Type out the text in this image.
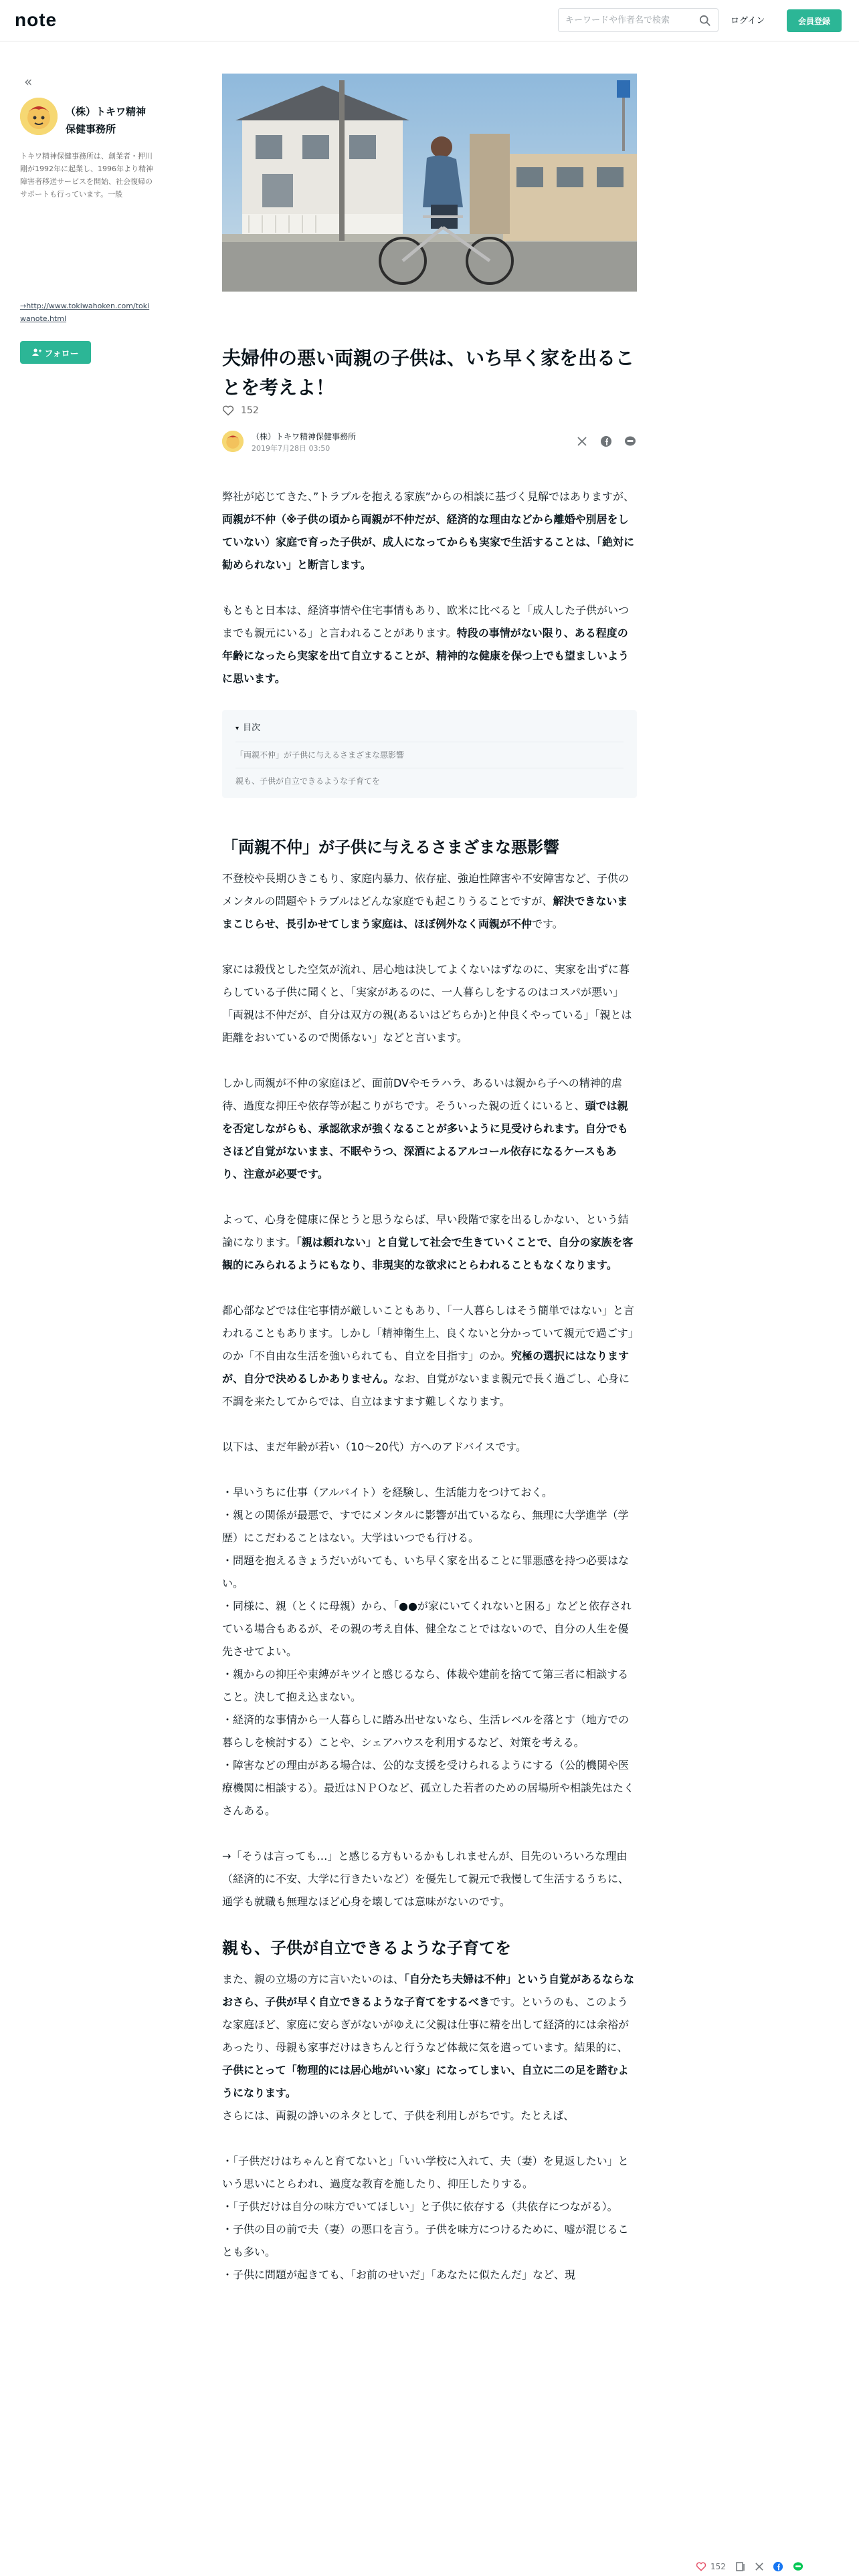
note
キーワードや作者名で検索	ログイン	会員登録
«
（株）トキワ精神保健事務所
トキワ精神保健事務所は、創業者・押川剛が1992年に起業し、1996年より精神障害者移送サービスを開始、社会復帰のサポートも行っています。一般
→http://www.tokiwahoken.com/tokiwanote.html
フォロー	夫婦仲の悪い両親の子供は、いち早く家を出ることを考えよ！
152
（株）トキワ精神保健事務所
2019年7月28日 03:50

弊社が応じてきた、”トラブルを抱える家族”からの相談に基づく見解ではありますが、両親が不仲（※子供の頃から両親が不仲だが、経済的な理由などから離婚や別居をしていない）家庭で育った子供が、成人になってからも実家で生活することは、「絶対に勧められない」と断言します。

もともと日本は、経済事情や住宅事情もあり、欧米に比べると「成人した子供がいつまでも親元にいる」と言われることがあります。特段の事情がない限り、ある程度の年齢になったら実家を出て自立することが、精神的な健康を保つ上でも望ましいように思います。

▾ 目次
「両親不仲」が子供に与えるさまざまな悪影響
親も、子供が自立できるような子育てを
「両親不仲」が子供に与えるさまざまな悪影響

不登校や長期ひきこもり、家庭内暴力、依存症、強迫性障害や不安障害など、子供のメンタルの問題やトラブルはどんな家庭でも起こりうることですが、解決できないままこじらせ、長引かせてしまう家庭は、ほぼ例外なく両親が不仲です。

家には殺伐とした空気が流れ、居心地は決してよくないはずなのに、実家を出ずに暮らしている子供に聞くと、「実家があるのに、一人暮らしをするのはコスパが悪い」「両親は不仲だが、自分は双方の親(あるいはどちらか)と仲良くやっている」「親とは距離をおいているので関係ない」などと言います。

しかし両親が不仲の家庭ほど、面前DVやモラハラ、あるいは親から子への精神的虐待、過度な抑圧や依存等が起こりがちです。そういった親の近くにいると、頭では親を否定しながらも、承認欲求が強くなることが多いように見受けられます。自分でもさほど自覚がないまま、不眠やうつ、深酒によるアルコール依存になるケースもあり、注意が必要です。

よって、心身を健康に保とうと思うならば、早い段階で家を出るしかない、という結論になります。「親は頼れない」と自覚して社会で生きていくことで、自分の家族を客観的にみられるようにもなり、非現実的な欲求にとらわれることもなくなります。

都心部などでは住宅事情が厳しいこともあり、「一人暮らしはそう簡単ではない」と言われることもあります。しかし「精神衛生上、良くないと分かっていて親元で過ごす」のか「不自由な生活を強いられても、自立を目指す」のか。究極の選択にはなりますが、自分で決めるしかありません。なお、自覚がないまま親元で長く過ごし、心身に不調を来たしてからでは、自立はますます難しくなります。

以下は、まだ年齢が若い（10〜20代）方へのアドバイスです。

・早いうちに仕事（アルバイト）を経験し、生活能力をつけておく。
・親との関係が最悪で、すでにメンタルに影響が出ているなら、無理に大学進学（学歴）にこだわることはない。大学はいつでも行ける。
・問題を抱えるきょうだいがいても、いち早く家を出ることに罪悪感を持つ必要はない。
・同様に、親（とくに母親）から、「●●が家にいてくれないと困る」などと依存されている場合もあるが、その親の考え自体、健全なことではないので、自分の人生を優先させてよい。
・親からの抑圧や束縛がキツイと感じるなら、体裁や建前を捨てて第三者に相談すること。決して抱え込まない。
・経済的な事情から一人暮らしに踏み出せないなら、生活レベルを落とす（地方での暮らしを検討する）ことや、シェアハウスを利用するなど、対策を考える。
・障害などの理由がある場合は、公的な支援を受けられるようにする（公的機関や医療機関に相談する）。最近はＮＰＯなど、孤立した若者のための居場所や相談先はたくさんある。

→「そうは言っても…」と感じる方もいるかもしれませんが、目先のいろいろな理由（経済的に不安、大学に行きたいなど）を優先して親元で我慢して生活するうちに、通学も就職も無理なほど心身を壊しては意味がないのです。

親も、子供が自立できるような子育てを

また、親の立場の方に言いたいのは、「自分たち夫婦は不仲」という自覚があるならなおさら、子供が早く自立できるような子育てをするべきです。というのも、このような家庭ほど、家庭に安らぎがないがゆえに父親は仕事に精を出して経済的には余裕があったり、母親も家事だけはきちんと行うなど体裁に気を遣っています。結果的に、子供にとって「物理的には居心地がいい家」になってしまい、自立に二の足を踏むようになります。

さらには、両親の諍いのネタとして、子供を利用しがちです。たとえば、

・「子供だけはちゃんと育てないと」「いい学校に入れて、夫（妻）を見返したい」という思いにとらわれ、過度な教育を施したり、抑圧したりする。
・「子供だけは自分の味方でいてほしい」と子供に依存する（共依存につながる）。
・子供の目の前で夫（妻）の悪口を言う。子供を味方につけるために、嘘が混じることも多い。
・子供に問題が起きても、「お前のせいだ」「あなたに似たんだ」など、現

152
